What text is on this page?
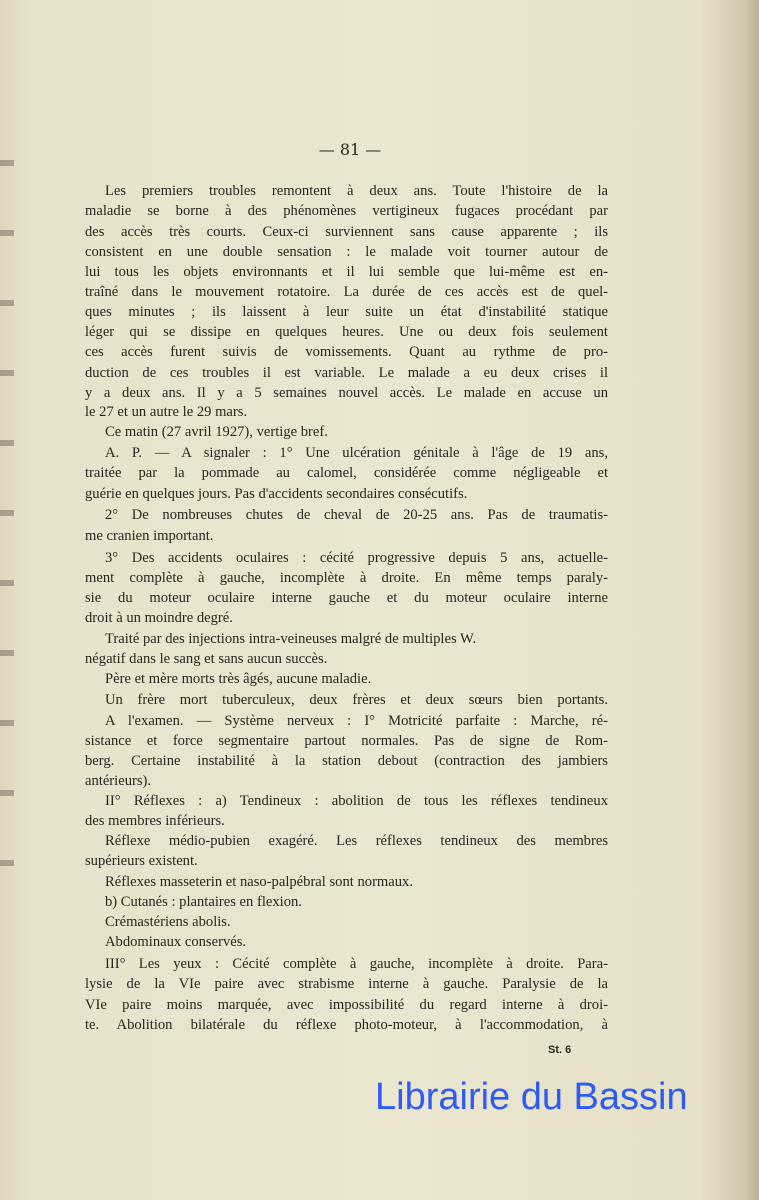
— 81 —
Les premiers troubles remontent à deux ans. Toute l'histoire de la
maladie se borne à des phénomènes vertigineux fugaces procédant par
des accès très courts. Ceux-ci surviennent sans cause apparente ; ils
consistent en une double sensation : le malade voit tourner autour de
lui tous les objets environnants et il lui semble que lui-même est en-
traîné dans le mouvement rotatoire. La durée de ces accès est de quel-
ques minutes ; ils laissent à leur suite un état d'instabilité statique
léger qui se dissipe en quelques heures. Une ou deux fois seulement
ces accès furent suivis de vomissements. Quant au rythme de pro-
duction de ces troubles il est variable. Le malade a eu deux crises il
y a deux ans. Il y a 5 semaines nouvel accès. Le malade en accuse un
le 27 et un autre le 29 mars.
Ce matin (27 avril 1927), vertige bref.
A. P. — A signaler : 1° Une ulcération génitale à l'âge de 19 ans,
traitée par la pommade au calomel, considérée comme négligeable et
guérie en quelques jours. Pas d'accidents secondaires consécutifs.
2° De nombreuses chutes de cheval de 20-25 ans. Pas de traumatis-
me cranien important.
3° Des accidents oculaires : cécité progressive depuis 5 ans, actuelle-
ment complète à gauche, incomplète à droite. En même temps paraly-
sie du moteur oculaire interne gauche et du moteur oculaire interne
droit à un moindre degré.
Traité par des injections intra-veineuses malgré de multiples W.
négatif dans le sang et sans aucun succès.
Père et mère morts très âgés, aucune maladie.
Un frère mort tuberculeux, deux frères et deux sœurs bien portants.
A l'examen. — Système nerveux : I° Motricité parfaite : Marche, ré-
sistance et force segmentaire partout normales. Pas de signe de Rom-
berg. Certaine instabilité à la station debout (contraction des jambiers
antérieurs).
II° Réflexes : a) Tendineux : abolition de tous les réflexes tendineux
des membres inférieurs.
Réflexe médio-pubien exagéré. Les réflexes tendineux des membres
supérieurs existent.
Réflexes masseterin et naso-palpébral sont normaux.
b) Cutanés : plantaires en flexion.
Crémastériens abolis.
Abdominaux conservés.
III° Les yeux : Cécité complète à gauche, incomplète à droite. Para-
lysie de la VIe paire avec strabisme interne à gauche. Paralysie de la
VIe paire moins marquée, avec impossibilité du regard interne à droi-
te. Abolition bilatérale du réflexe photo-moteur, à l'accommodation, à
St. 6
Librairie du Bassin
